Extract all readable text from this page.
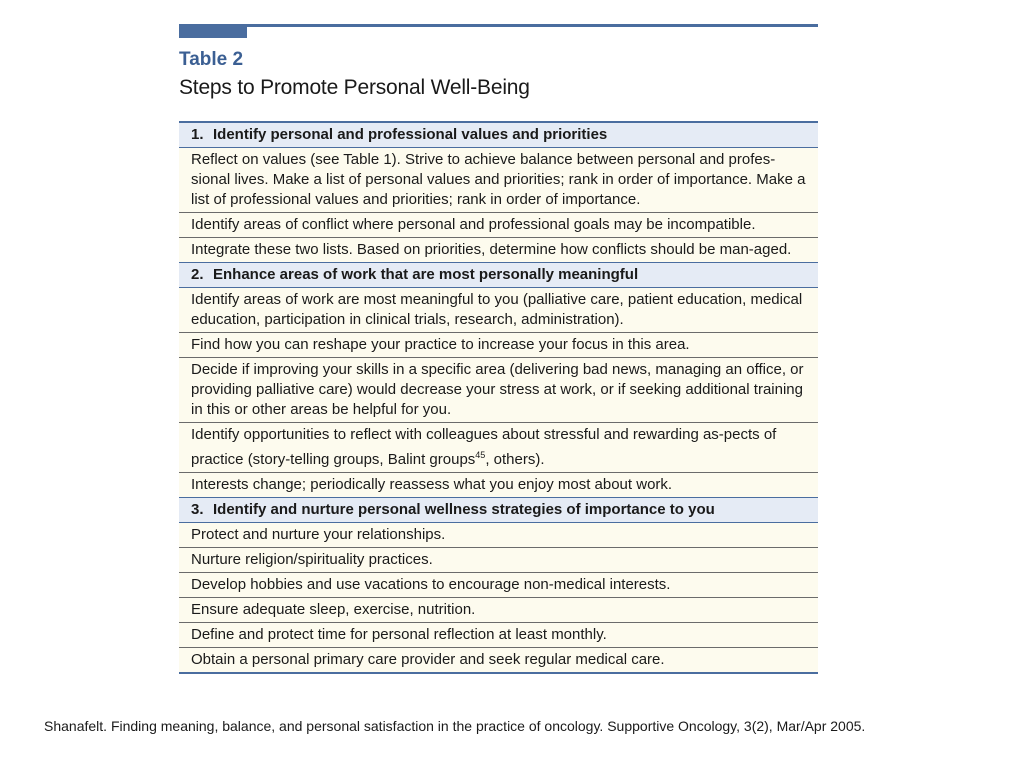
Table 2
Steps to Promote Personal Well-Being
1. Identify personal and professional values and priorities
Reflect on values (see Table 1). Strive to achieve balance between personal and profes-sional lives. Make a list of personal values and priorities; rank in order of importance. Make a list of professional values and priorities; rank in order of importance.
Identify areas of conflict where personal and professional goals may be incompatible.
Integrate these two lists. Based on priorities, determine how conflicts should be man-aged.
2. Enhance areas of work that are most personally meaningful
Identify areas of work are most meaningful to you (palliative care, patient education, medical education, participation in clinical trials, research, administration).
Find how you can reshape your practice to increase your focus in this area.
Decide if improving your skills in a specific area (delivering bad news, managing an office, or providing palliative care) would decrease your stress at work, or if seeking additional training in this or other areas be helpful for you.
Identify opportunities to reflect with colleagues about stressful and rewarding as-pects of practice (story-telling groups, Balint groups$^{45}$, others).
Interests change; periodically reassess what you enjoy most about work.
3. Identify and nurture personal wellness strategies of importance to you
Protect and nurture your relationships.
Nurture religion/spirituality practices.
Develop hobbies and use vacations to encourage non-medical interests.
Ensure adequate sleep, exercise, nutrition.
Define and protect time for personal reflection at least monthly.
Obtain a personal primary care provider and seek regular medical care.
Shanafelt. Finding meaning, balance, and personal satisfaction in the practice of oncology. Supportive Oncology, 3(2), Mar/Apr 2005.
